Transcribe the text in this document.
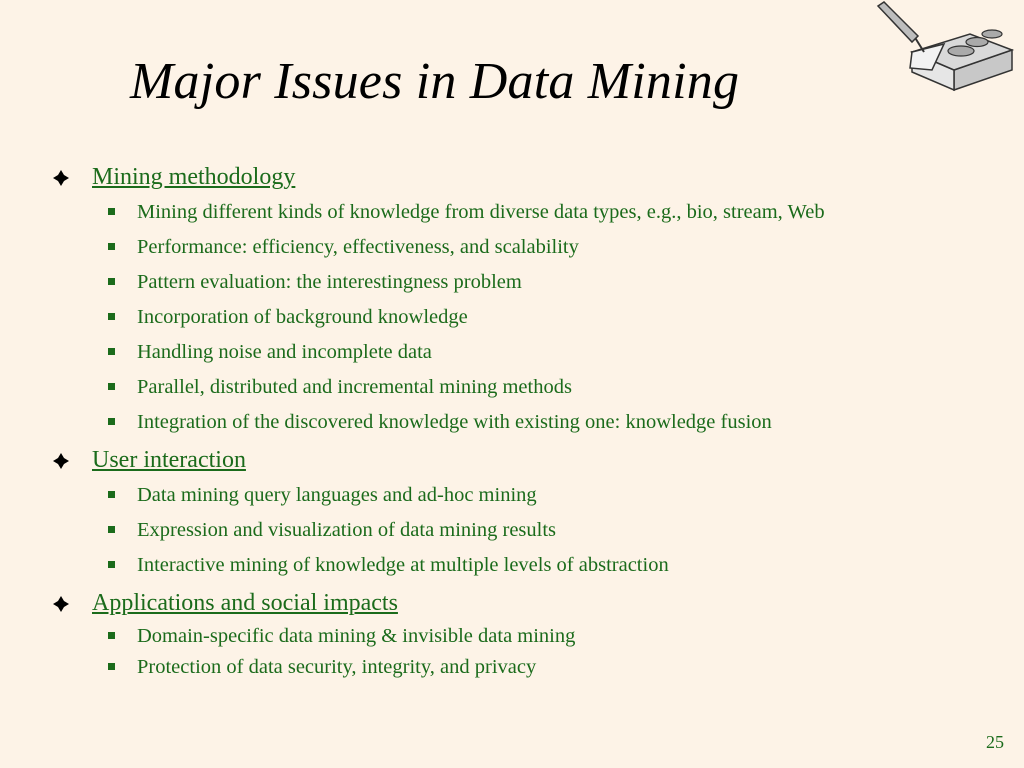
Major Issues in Data Mining
Mining methodology
Mining different kinds of knowledge from diverse data types, e.g., bio, stream, Web
Performance: efficiency, effectiveness, and scalability
Pattern evaluation: the interestingness problem
Incorporation of background knowledge
Handling noise and incomplete data
Parallel, distributed and incremental mining methods
Integration of the discovered knowledge with existing one: knowledge fusion
User interaction
Data mining query languages and ad-hoc mining
Expression and visualization of data mining results
Interactive mining of knowledge at multiple levels of abstraction
Applications and social impacts
Domain-specific data mining & invisible data mining
Protection of data security, integrity, and privacy
25
